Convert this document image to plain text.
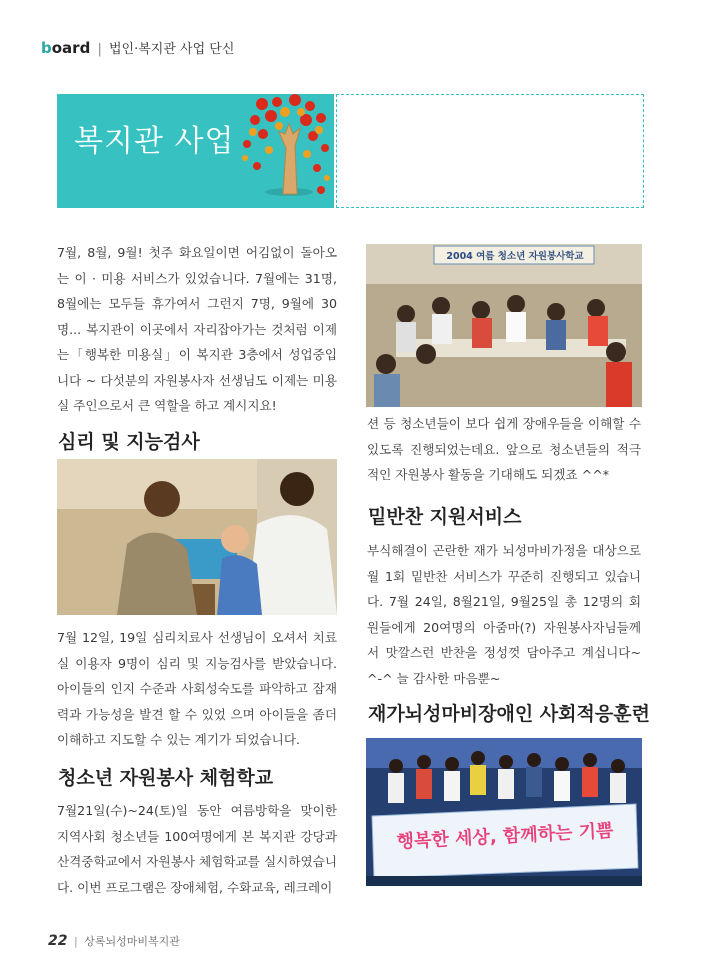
board | 법인·복지관 사업 단신
복지관 사업

7월, 8월, 9월! 첫주 화요일이면 어김없이 돌아오는 이 · 미용 서비스가 있었습니다. 7월에는 31명, 8월에는 모두들 휴가여서 그런지 7명, 9월에 30명... 복지관이 이곳에서 자리잡아가는 것처럼 이제는「행복한 미용실」이 복지관 3층에서 성업중입니다 ~ 다섯분의 자원봉사자 선생님도 이제는 미용실 주인으로서 큰 역할을 하고 계시지요!

심리 및 지능검사

7월 12일, 19일 심리치료사 선생님이 오셔서 치료실 이용자 9명이 심리 및 지능검사를 받았습니다. 아이들의 인지 수준과 사회성숙도를 파악하고 잠재력과 가능성을 발견 할 수 있었 으며 아이들을 좀더 이해하고 지도할 수 있는 계기가 되었습니다.

청소년 자원봉사 체험학교

7월21일(수)~24(토)일 동안 여름방학을 맞이한 지역사회 청소년들 100여명에게 본 복지관 강당과 산격중학교에서 자원봉사 체험학교를 실시하였습니다. 이번 프로그램은 장애체험, 수화교육, 레크레이

2004 여름 청소년 자원봉사학교

션 등 청소년들이 보다 쉽게 장애우들을 이해할 수 있도록 진행되었는데요. 앞으로 청소년들의 적극적인 자원봉사 활동을 기대해도 되겠죠 ^^*

밑반찬 지원서비스

부식해결이 곤란한 재가 뇌성마비가정을 대상으로 월 1회 밑반찬 서비스가 꾸준히 진행되고 있습니다. 7월 24일, 8월21일, 9월25일 총 12명의 회원들에게 20여명의 아줌마(?) 자원봉사자님들께서 맛깔스런 반찬을 정성껏 담아주고 계십니다~ ^-^ 늘 감사한 마음뿐~

재가뇌성마비장애인 사회적응훈련
행복한 세상, 함께하는 기쁨
22 | 상록뇌성마비복지관
